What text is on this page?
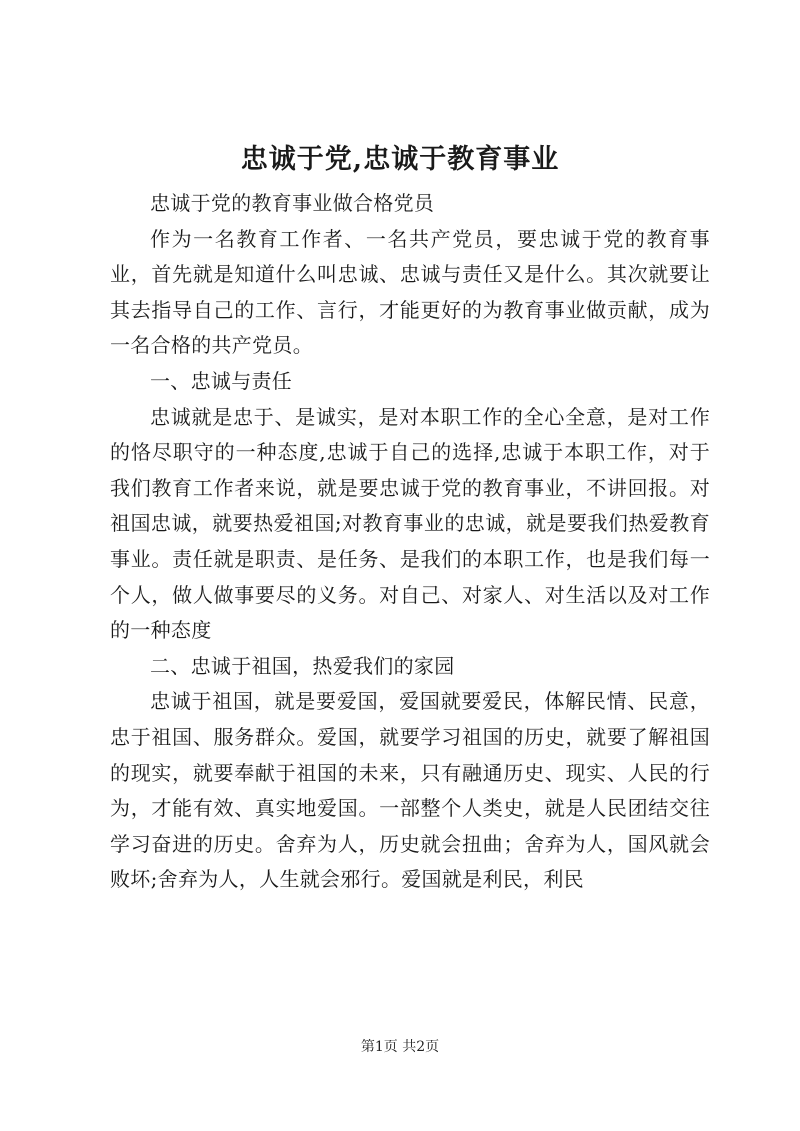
忠诚于党,忠诚于教育事业

忠诚于党的教育事业做合格党员

作为一名教育工作者、一名共产党员，要忠诚于党的教育事业，首先就是知道什么叫忠诚、忠诚与责任又是什么。其次就要让其去指导自己的工作、言行，才能更好的为教育事业做贡献，成为一名合格的共产党员。

一、忠诚与责任

忠诚就是忠于、是诚实，是对本职工作的全心全意，是对工作的恪尽职守的一种态度,忠诚于自己的选择,忠诚于本职工作，对于我们教育工作者来说，就是要忠诚于党的教育事业，不讲回报。对祖国忠诚，就要热爱祖国;对教育事业的忠诚，就是要我们热爱教育事业。责任就是职责、是任务、是我们的本职工作，也是我们每一个人，做人做事要尽的义务。对自己、对家人、对生活以及对工作的一种态度

二、忠诚于祖国，热爱我们的家园

忠诚于祖国，就是要爱国，爱国就要爱民，体解民情、民意，忠于祖国、服务群众。爱国，就要学习祖国的历史，就要了解祖国的现实，就要奉献于祖国的未来，只有融通历史、现实、人民的行为，才能有效、真实地爱国。一部整个人类史，就是人民团结交往学习奋进的历史。舍弃为人，历史就会扭曲；舍弃为人，国风就会败坏;舍弃为人，人生就会邪行。爱国就是利民，利民

第1页 共2页
